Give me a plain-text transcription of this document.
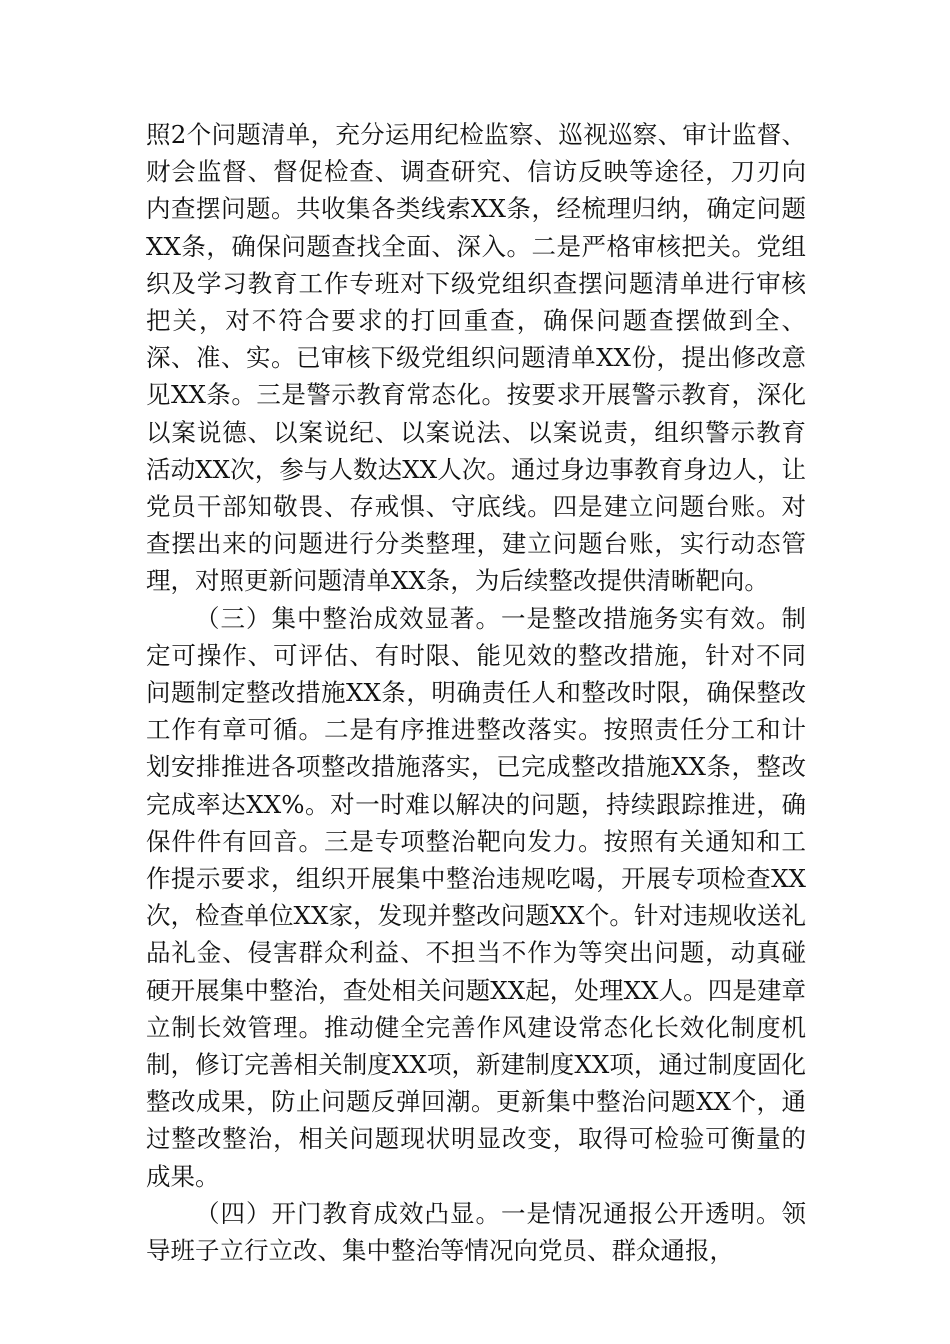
照2个问题清单，充分运用纪检监察、巡视巡察、审计监督、财会监督、督促检查、调查研究、信访反映等途径，刀刃向内查摆问题。共收集各类线索XX条，经梳理归纳，确定问题XX条，确保问题查找全面、深入。二是严格审核把关。党组织及学习教育工作专班对下级党组织查摆问题清单进行审核把关，对不符合要求的打回重查，确保问题查摆做到全、深、准、实。已审核下级党组织问题清单XX份，提出修改意见XX条。三是警示教育常态化。按要求开展警示教育，深化以案说德、以案说纪、以案说法、以案说责，组织警示教育活动XX次，参与人数达XX人次。通过身边事教育身边人，让党员干部知敬畏、存戒惧、守底线。四是建立问题台账。对查摆出来的问题进行分类整理，建立问题台账，实行动态管理，对照更新问题清单XX条，为后续整改提供清晰靶向。

（三）集中整治成效显著。一是整改措施务实有效。制定可操作、可评估、有时限、能见效的整改措施，针对不同问题制定整改措施XX条，明确责任人和整改时限，确保整改工作有章可循。二是有序推进整改落实。按照责任分工和计划安排推进各项整改措施落实，已完成整改措施XX条，整改完成率达XX%。对一时难以解决的问题，持续跟踪推进，确保件件有回音。三是专项整治靶向发力。按照有关通知和工作提示要求，组织开展集中整治违规吃喝，开展专项检查XX次，检查单位XX家，发现并整改问题XX个。针对违规收送礼品礼金、侵害群众利益、不担当不作为等突出问题，动真碰硬开展集中整治，查处相关问题XX起，处理XX人。四是建章立制长效管理。推动健全完善作风建设常态化长效化制度机制，修订完善相关制度XX项，新建制度XX项，通过制度固化整改成果，防止问题反弹回潮。更新集中整治问题XX个，通过整改整治，相关问题现状明显改变，取得可检验可衡量的成果。

（四）开门教育成效凸显。一是情况通报公开透明。领导班子立行立改、集中整治等情况向党员、群众通报，
